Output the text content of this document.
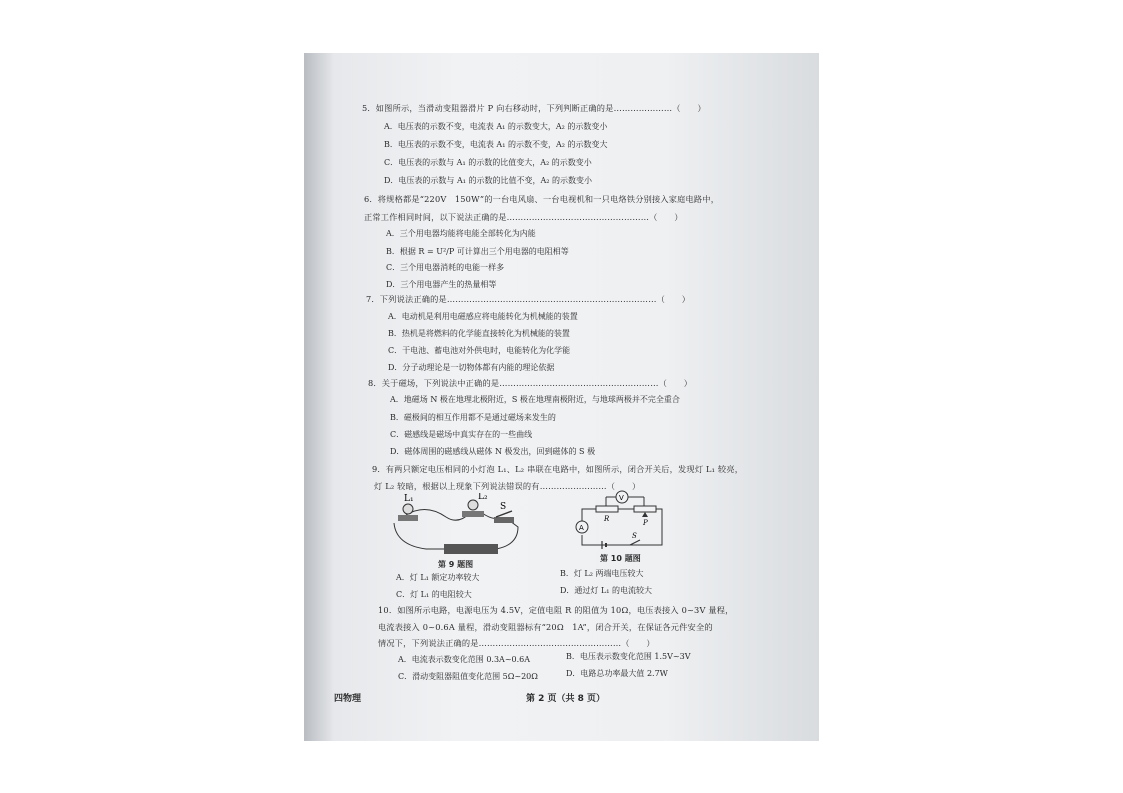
5．如图所示，当滑动变阻器滑片 P 向右移动时，下列判断正确的是…………………（　　）
A．电压表的示数不变，电流表 A₁ 的示数变大，A₂ 的示数变小
B．电压表的示数不变，电流表 A₁ 的示数不变，A₂ 的示数变大
C．电压表的示数与 A₁ 的示数的比值变大，A₂ 的示数变小
D．电压表的示数与 A₁ 的示数的比值不变，A₂ 的示数变小
6．将规格都是“220V　150W”的一台电风扇、一台电视机和一只电烙铁分别接入家庭电路中，
正常工作相同时间，以下说法正确的是……………………………………………（　　）
A．三个用电器均能将电能全部转化为内能
B．根据 R = U²/P 可计算出三个用电器的电阻相等
C．三个用电器消耗的电能一样多
D．三个用电器产生的热量相等
7．下列说法正确的是…………………………………………………………………（　　）
A．电动机是利用电磁感应将电能转化为机械能的装置
B．热机是将燃料的化学能直接转化为机械能的装置
C．干电池、蓄电池对外供电时，电能转化为化学能
D．分子动理论是一切物体都有内能的理论依据
8．关于磁场，下列说法中正确的是…………………………………………………（　　）
A．地磁场 N 极在地理北极附近，S 极在地理南极附近，与地球两极并不完全重合
B．磁极间的相互作用都不是通过磁场来发生的
C．磁感线是磁场中真实存在的一些曲线
D．磁体周围的磁感线从磁体 N 极发出，回到磁体的 S 极
9．有两只额定电压相同的小灯泡 L₁、L₂ 串联在电路中，如图所示，闭合开关后，发现灯 L₁ 较亮，
灯 L₂ 较暗，根据以上现象下列说法错误的有……………………（　　）
L₁	L₂
S
第 9 题图
V
A
R	P
S
第 10 题图
A．灯 L₁ 额定功率较大	B．灯 L₂ 两端电压较大
C．灯 L₁ 的电阻较大	D．通过灯 L₁ 的电流较大
10．如图所示电路，电源电压为 4.5V，定值电阻 R 的阻值为 10Ω，电压表接入 0~3V 量程，
电流表接入 0~0.6A 量程，滑动变阻器标有“20Ω　1A”，闭合开关，在保证各元件安全的
情况下，下列说法正确的是……………………………………………（　　）
A．电流表示数变化范围 0.3A~0.6A	B．电压表示数变化范围 1.5V~3V
C．滑动变阻器阻值变化范围 5Ω~20Ω	D．电路总功率最大值 2.7W
四物理	第 2 页（共 8 页）
